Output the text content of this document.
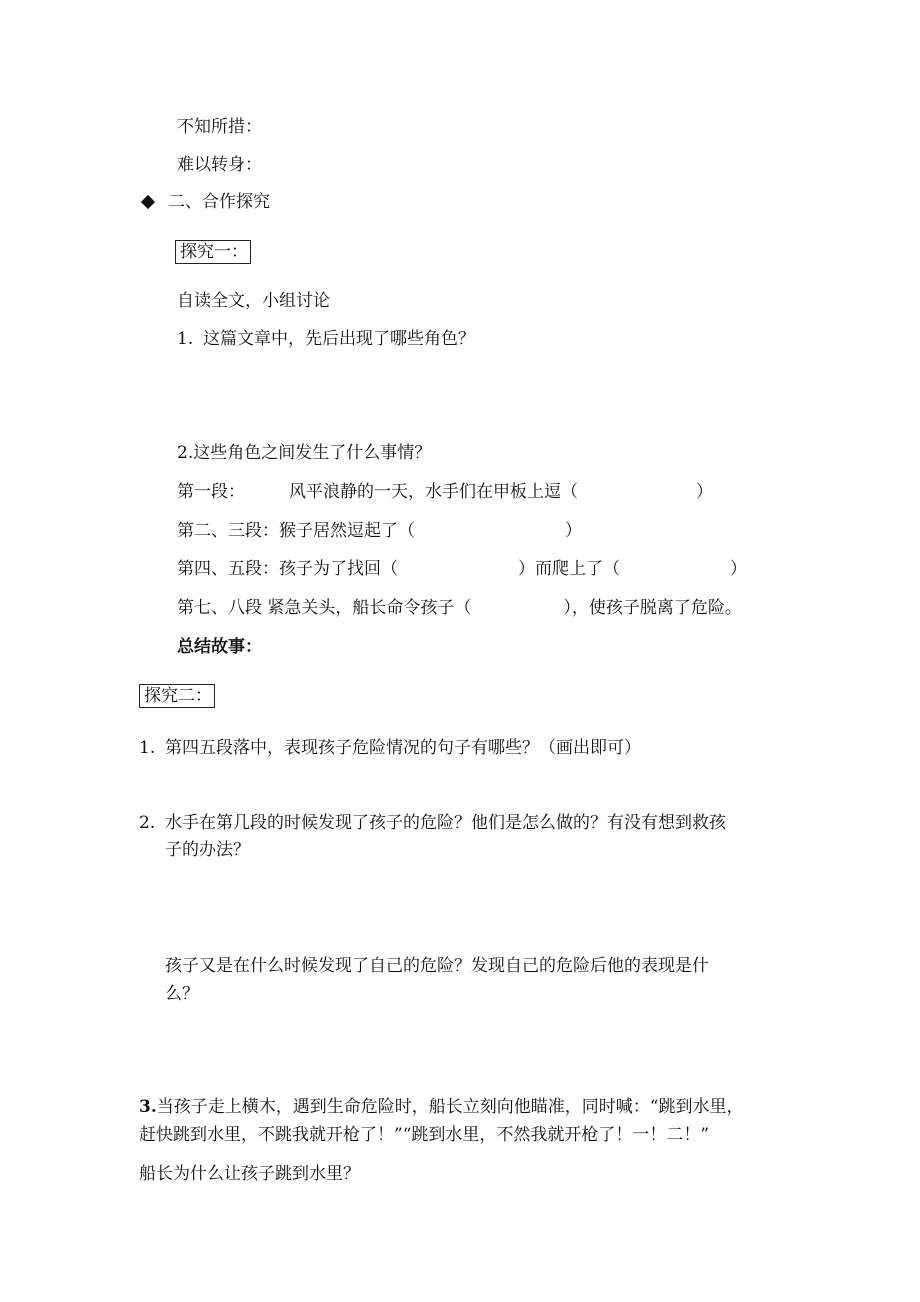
不知所措：
难以转身：
二、合作探究
探究一：
自读全文，小组讨论
1. 这篇文章中，先后出现了哪些角色？
2.这些角色之间发生了什么事情？
第一段：	风平浪静的一天，水手们在甲板上逗（	）
第二、三段：猴子居然逗起了（	）
第四、五段：孩子为了找回（	）而爬上了（	）
第七、八段 紧急关头，船长命令孩子（	），使孩子脱离了危险。
总结故事：
探究二：
1. 第四五段落中，表现孩子危险情况的句子有哪些？（画出即可）
2. 水手在第几段的时候发现了孩子的危险？他们是怎么做的？有没有想到救孩
子的办法？
孩子又是在什么时候发现了自己的危险？发现自己的危险后他的表现是什
么？
3.当孩子走上横木，遇到生命危险时，船长立刻向他瞄准，同时喊：“跳到水里，
赶快跳到水里，不跳我就开枪了！”“跳到水里，不然我就开枪了！一！二！”
船长为什么让孩子跳到水里？
